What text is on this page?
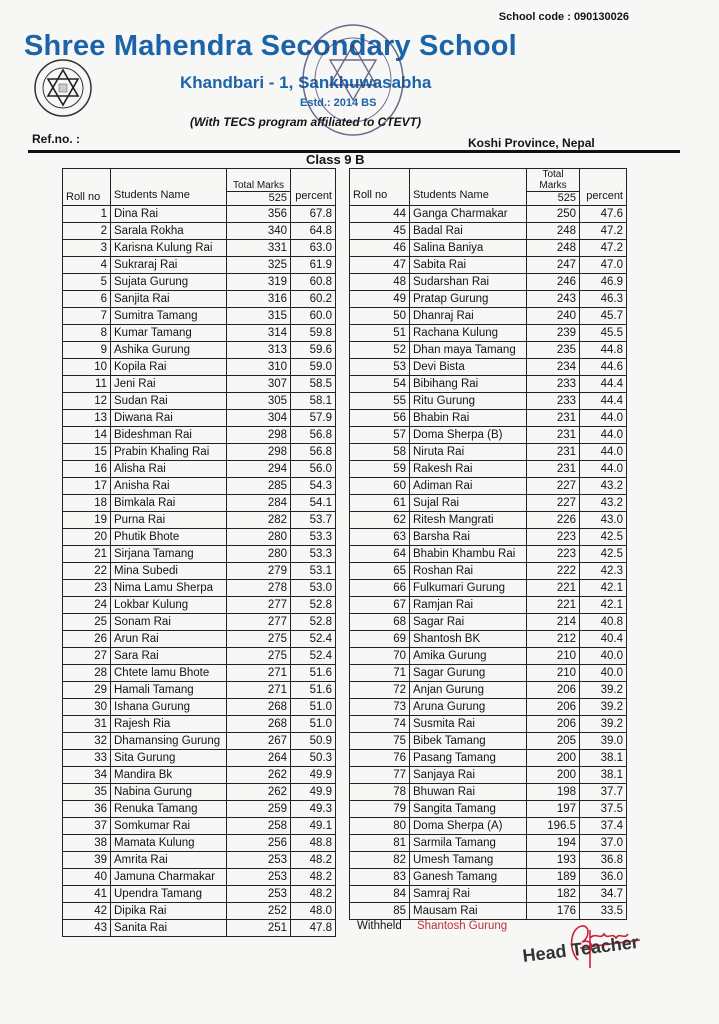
School code : 090130026
Shree Mahendra Secondary School
Khandbari - 1, Sankhuwasabha
Estd.: 2014 BS
(With TECS program affiliated to CTEVT)
Ref.no. :	Koshi Province, Nepal
Class 9 B
Roll no	Students Name	Total Marks	percent
		525	
1	Dina Rai	356	67.8
2	Sarala Rokha	340	64.8
3	Karisna Kulung Rai	331	63.0
4	Sukraraj Rai	325	61.9
5	Sujata Gurung	319	60.8
6	Sanjita Rai	316	60.2
7	Sumitra Tamang	315	60.0
8	Kumar Tamang	314	59.8
9	Ashika Gurung	313	59.6
10	Kopila Rai	310	59.0
11	Jeni Rai	307	58.5
12	Sudan Rai	305	58.1
13	Diwana Rai	304	57.9
14	Bideshman Rai	298	56.8
15	Prabin Khaling Rai	298	56.8
16	Alisha Rai	294	56.0
17	Anisha Rai	285	54.3
18	Bimkala Rai	284	54.1
19	Purna Rai	282	53.7
20	Phutik Bhote	280	53.3
21	Sirjana Tamang	280	53.3
22	Mina Subedi	279	53.1
23	Nima Lamu Sherpa	278	53.0
24	Lokbar Kulung	277	52.8
25	Sonam Rai	277	52.8
26	Arun Rai	275	52.4
27	Sara Rai	275	52.4
28	Chtete lamu Bhote	271	51.6
29	Hamali Tamang	271	51.6
30	Ishana Gurung	268	51.0
31	Rajesh Ria	268	51.0
32	Dhamansing Gurung	267	50.9
33	Sita Gurung	264	50.3
34	Mandira Bk	262	49.9
35	Nabina Gurung	262	49.9
36	Renuka Tamang	259	49.3
37	Somkumar Rai	258	49.1
38	Mamata Kulung	256	48.8
39	Amrita Rai	253	48.2
40	Jamuna Charmakar	253	48.2
41	Upendra Tamang	253	48.2
42	Dipika Rai	252	48.0
43	Sanita Rai	251	47.8
Roll no	Students Name	Total Marks	percent
		525	
44	Ganga Charmakar	250	47.6
45	Badal Rai	248	47.2
46	Salina Baniya	248	47.2
47	Sabita Rai	247	47.0
48	Sudarshan Rai	246	46.9
49	Pratap Gurung	243	46.3
50	Dhanraj Rai	240	45.7
51	Rachana Kulung	239	45.5
52	Dhan maya Tamang	235	44.8
53	Devi Bista	234	44.6
54	Bibihang Rai	233	44.4
55	Ritu Gurung	233	44.4
56	Bhabin Rai	231	44.0
57	Doma Sherpa (B)	231	44.0
58	Niruta Rai	231	44.0
59	Rakesh Rai	231	44.0
60	Adiman Rai	227	43.2
61	Sujal Rai	227	43.2
62	Ritesh Mangrati	226	43.0
63	Barsha Rai	223	42.5
64	Bhabin Khambu Rai	223	42.5
65	Roshan Rai	222	42.3
66	Fulkumari Gurung	221	42.1
67	Ramjan Rai	221	42.1
68	Sagar Rai	214	40.8
69	Shantosh BK	212	40.4
70	Amika Gurung	210	40.0
71	Sagar Gurung	210	40.0
72	Anjan Gurung	206	39.2
73	Aruna Gurung	206	39.2
74	Susmita Rai	206	39.2
75	Bibek Tamang	205	39.0
76	Pasang Tamang	200	38.1
77	Sanjaya Rai	200	38.1
78	Bhuwan Rai	198	37.7
79	Sangita Tamang	197	37.5
80	Doma Sherpa (A)	196.5	37.4
81	Sarmila Tamang	194	37.0
82	Umesh Tamang	193	36.8
83	Ganesh Tamang	189	36.0
84	Samraj Rai	182	34.7
85	Mausam Rai	176	33.5
Withheld Shantosh Gurung
Head Teacher
